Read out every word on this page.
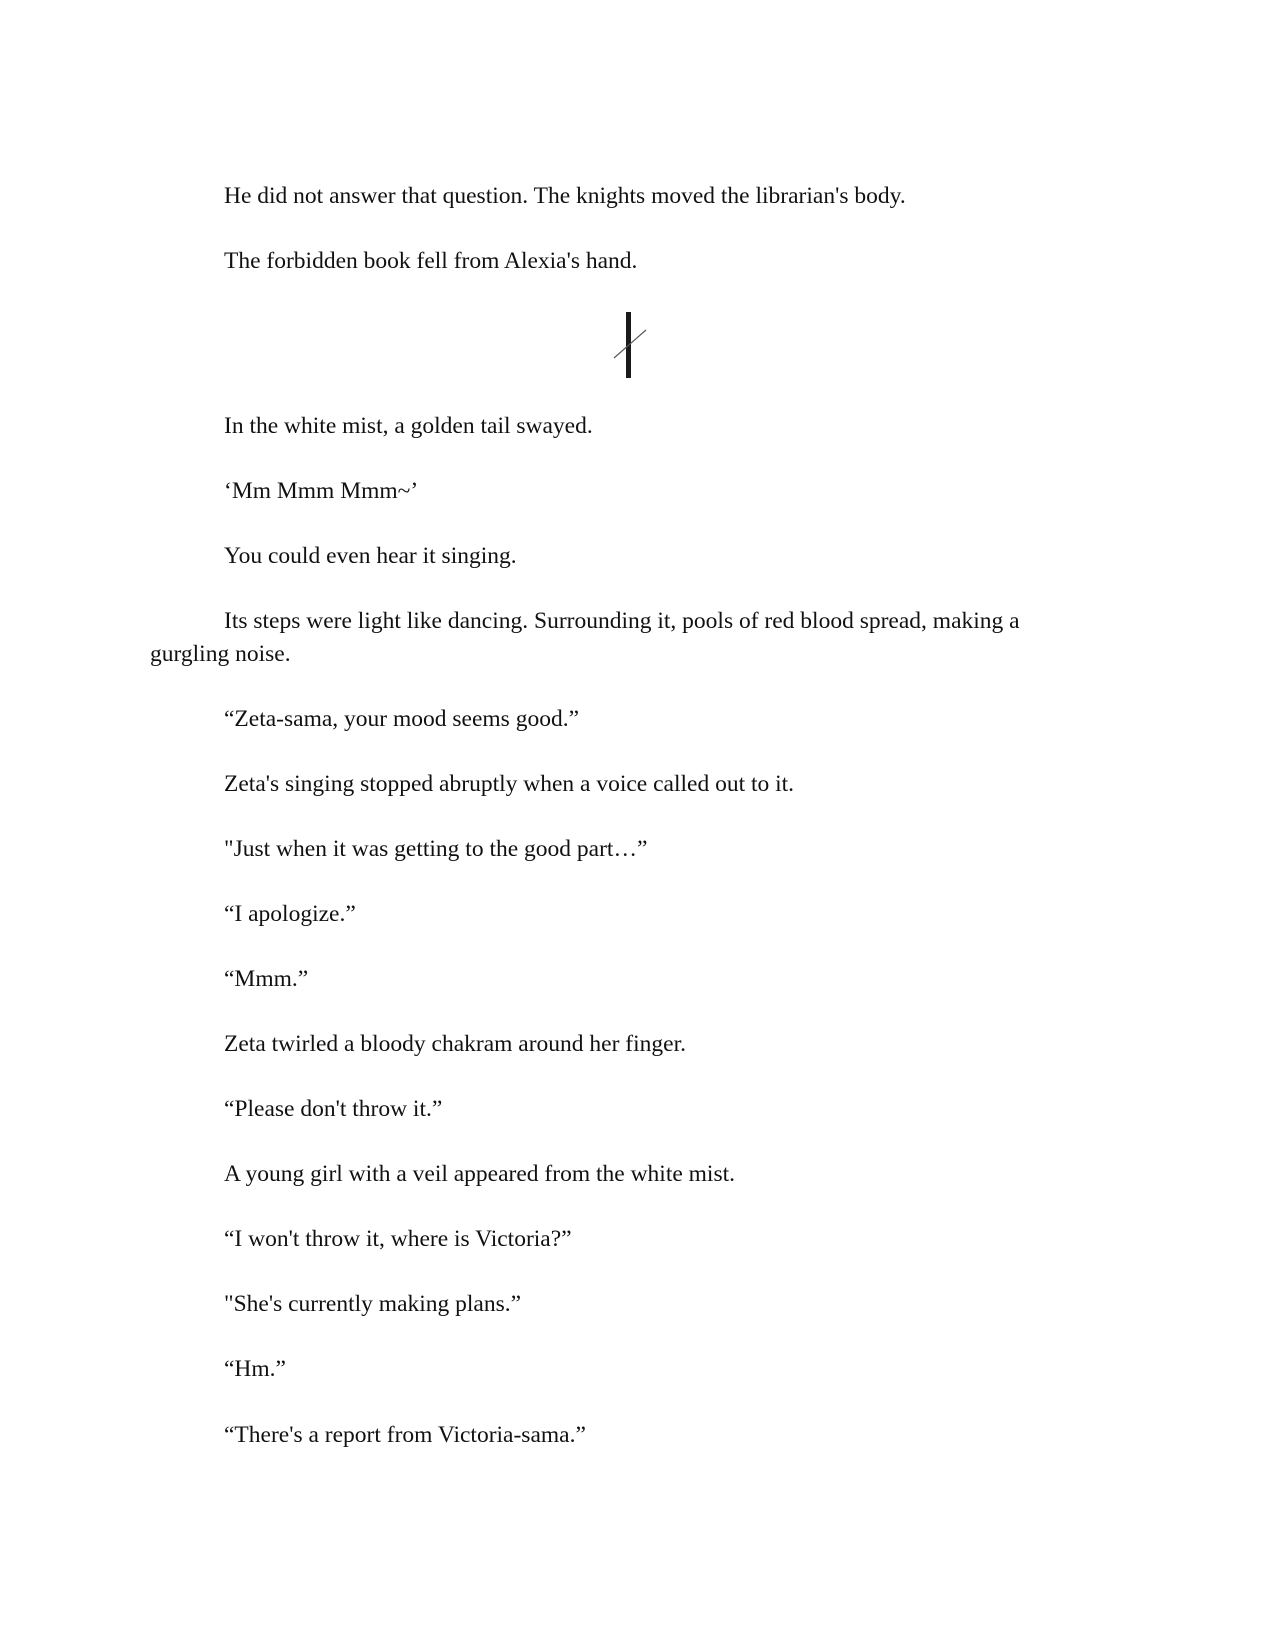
He did not answer that question. The knights moved the librarian's body.

The forbidden book fell from Alexia's hand.

In the white mist, a golden tail swayed.

‘Mm Mmm Mmm~’

You could even hear it singing.

Its steps were light like dancing. Surrounding it, pools of red blood spread, making a gurgling noise.

“Zeta-sama, your mood seems good.”

Zeta's singing stopped abruptly when a voice called out to it.

"Just when it was getting to the good part…”

“I apologize.”

“Mmm.”

Zeta twirled a bloody chakram around her finger.

“Please don't throw it.”

A young girl with a veil appeared from the white mist.

“I won't throw it, where is Victoria?”

"She's currently making plans.”

“Hm.”

“There's a report from Victoria-sama.”
